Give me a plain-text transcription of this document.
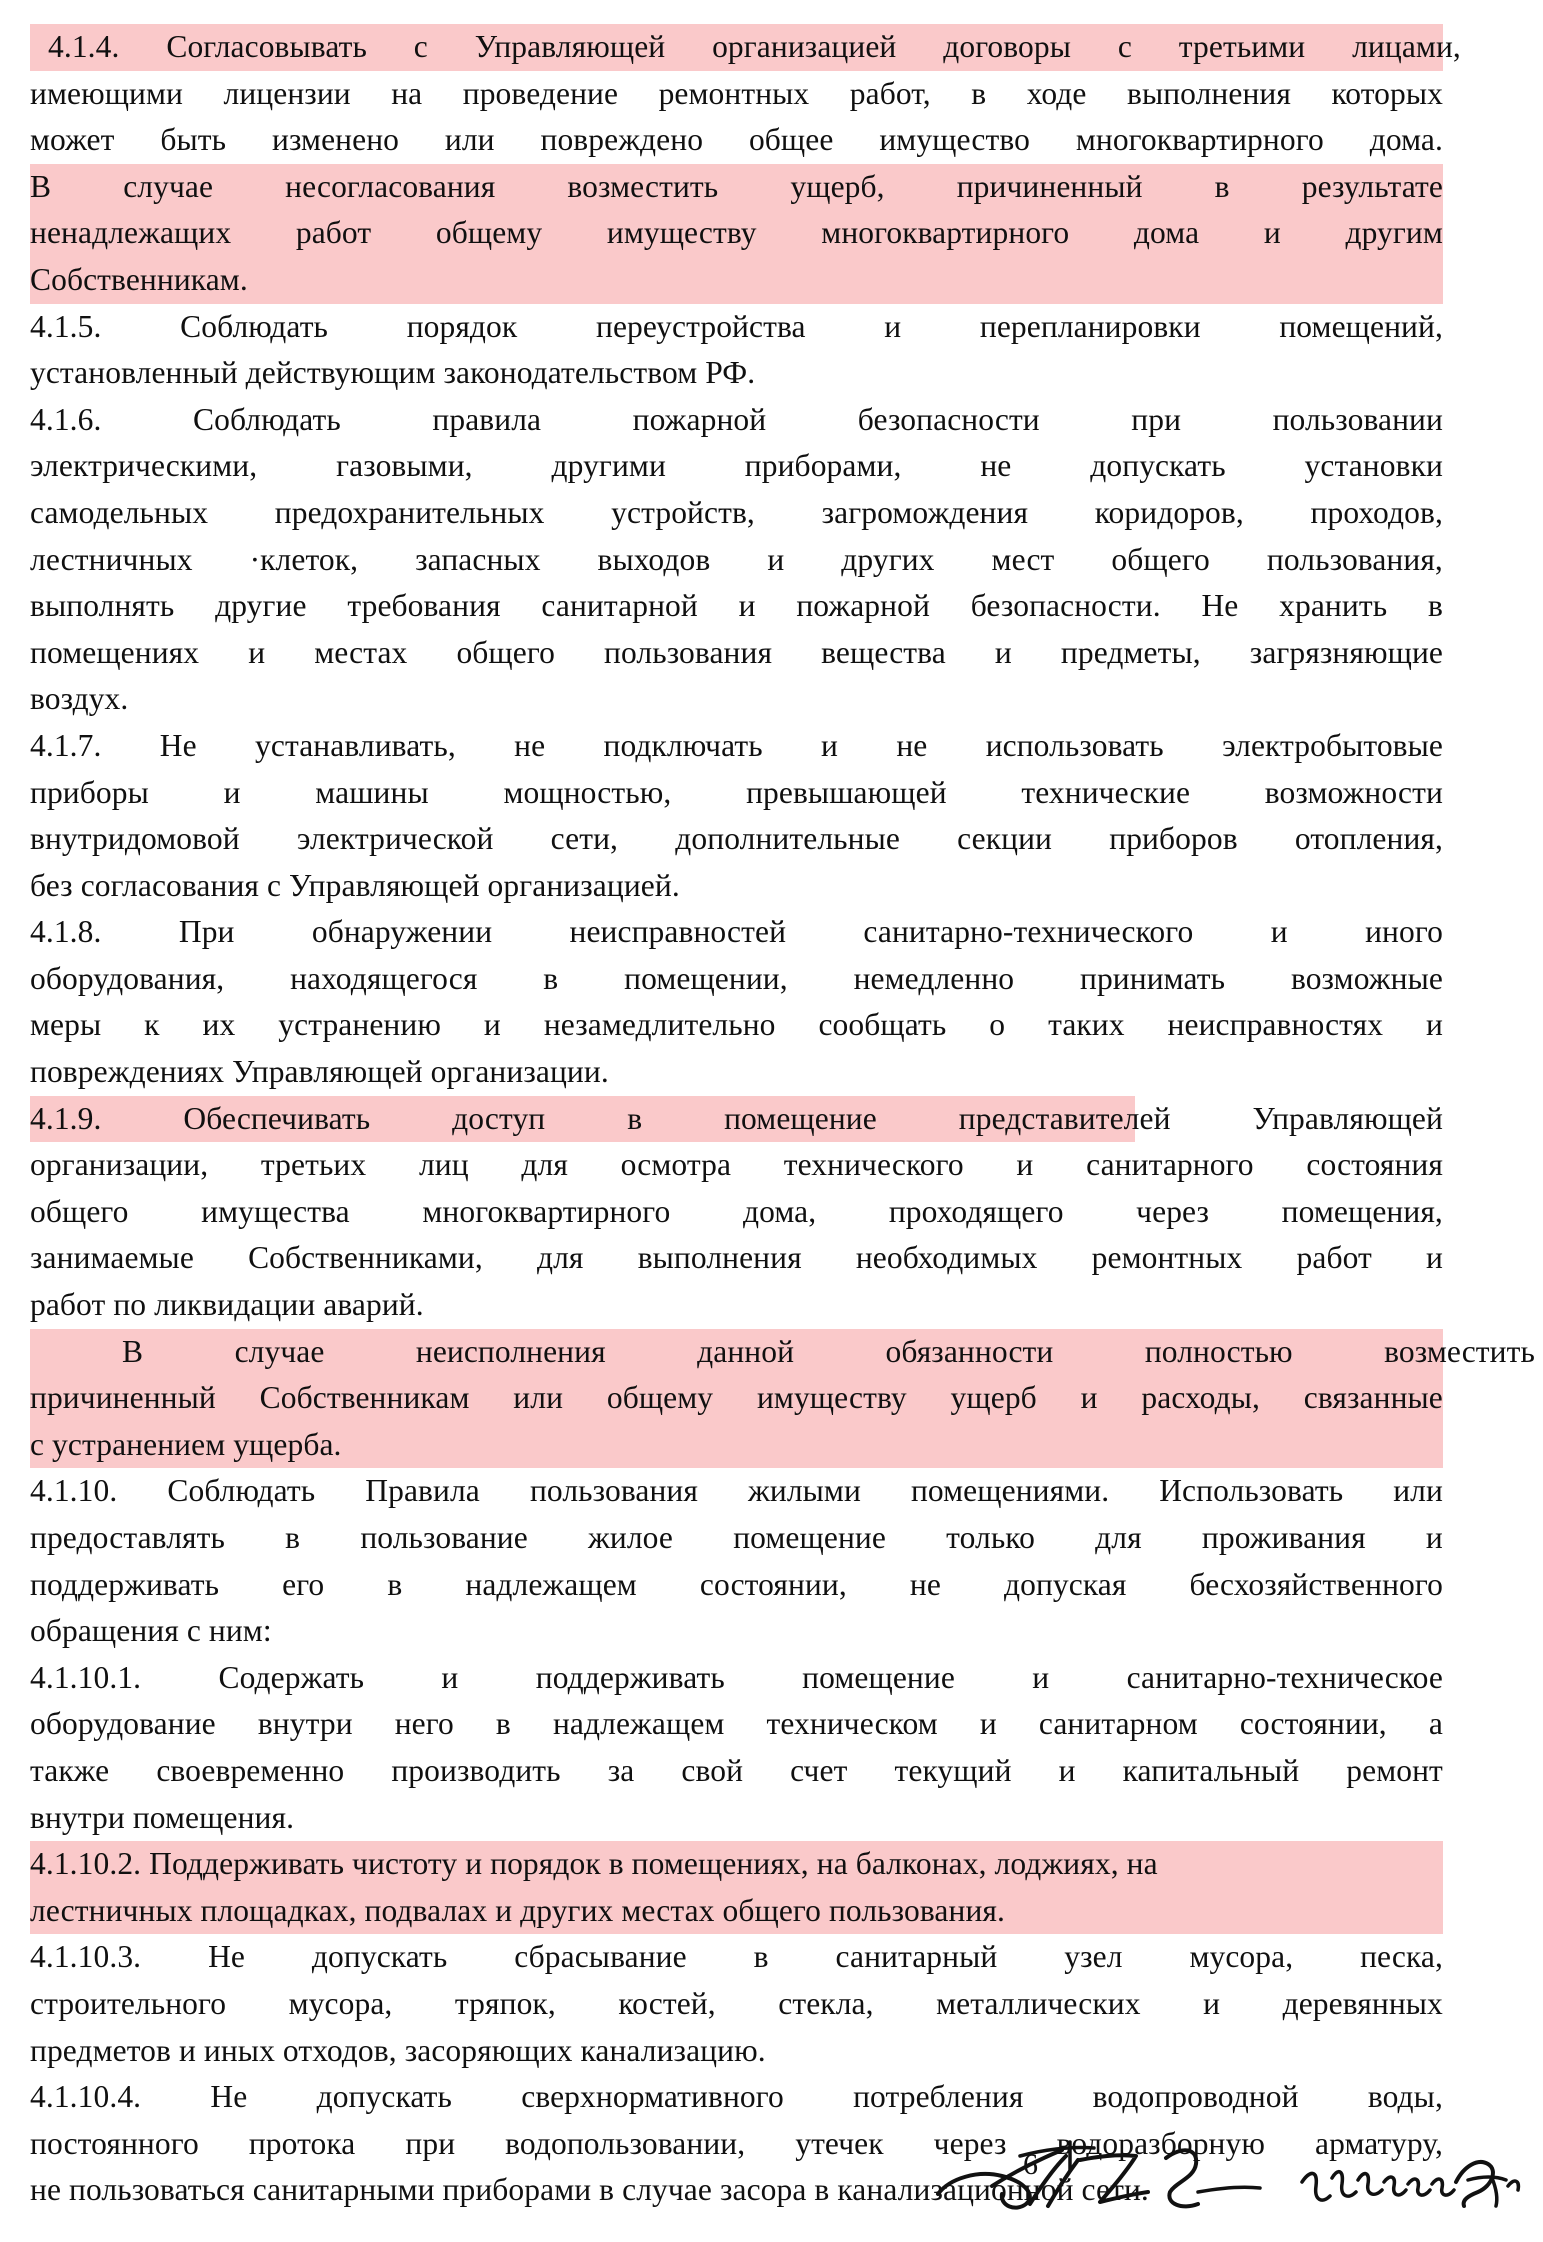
4.1.4. Согласовывать с Управляющей организацией договоры с третьими лицами,
имеющими лицензии на проведение ремонтных работ, в ходе выполнения которых
может быть изменено или повреждено общее имущество многоквартирного дома.
В случае несогласования возместить ущерб, причиненный в результате
ненадлежащих работ общему имуществу многоквартирного дома и другим
Собственникам.
4.1.5. Соблюдать порядок переустройства и перепланировки помещений,
установленный действующим законодательством РФ.
4.1.6.	Соблюдать	правила	пожарной	безопасности	при	пользовании
электрическими,	газовыми,	другими	приборами,	не	допускать	установки
самодельных предохранительных устройств, загромождения коридоров, проходов,
лестничных ·клеток, запасных выходов и других мест общего пользования,
выполнять другие требования санитарной и пожарной безопасности. Не хранить в
помещениях и местах общего пользования вещества и предметы, загрязняющие
воздух.
4.1.7. Не устанавливать, не подключать и не использовать электробытовые
приборы и машины мощностью, превышающей технические возможности
внутридомовой электрической сети, дополнительные секции приборов отопления,
без согласования с Управляющей организацией.
4.1.8. При обнаружении неисправностей санитарно-технического и иного
оборудования, находящегося в помещении, немедленно принимать возможные
меры к их устранению и незамедлительно сообщать о таких неисправностях и
повреждениях Управляющей организации.
4.1.9.	Обеспечивать	доступ	в	помещение	представителей	Управляющей
организации, третьих лиц для осмотра технического и санитарного состояния
общего имущества многоквартирного дома, проходящего через помещения,
занимаемые Собственниками, для выполнения необходимых ремонтных работ и
работ по ликвидации аварий.
В	случае	неисполнения	данной	обязанности	полностью	возместить
причиненный Собственникам или общему имуществу ущерб и расходы, связанные
с устранением ущерба.
4.1.10. Соблюдать Правила пользования жилыми помещениями. Использовать или
предоставлять в пользование жилое помещение только для проживания и
поддерживать его в надлежащем состоянии, не допуская бесхозяйственного
обращения с ним:
4.1.10.1. Содержать и поддерживать помещение и санитарно-техническое
оборудование внутри него в надлежащем техническом и санитарном состоянии, а
также своевременно производить за свой счет текущий и капитальный ремонт
внутри помещения.
4.1.10.2. Поддерживать чистоту и порядок в помещениях, на балконах, лоджиях, на
лестничных площадках, подвалах и других местах общего пользования.
4.1.10.3. Не допускать сбрасывание в санитарный узел мусора, песка,
строительного мусора, тряпок, костей, стекла, металлических и деревянных
предметов и иных отходов, засоряющих канализацию.
4.1.10.4. Не допускать сверхнормативного потребления водопроводной воды,
постоянного протока при водопользовании, утечек через водоразборную арматуру,
не пользоваться санитарными приборами в случае засора в канализационной сети.
6
